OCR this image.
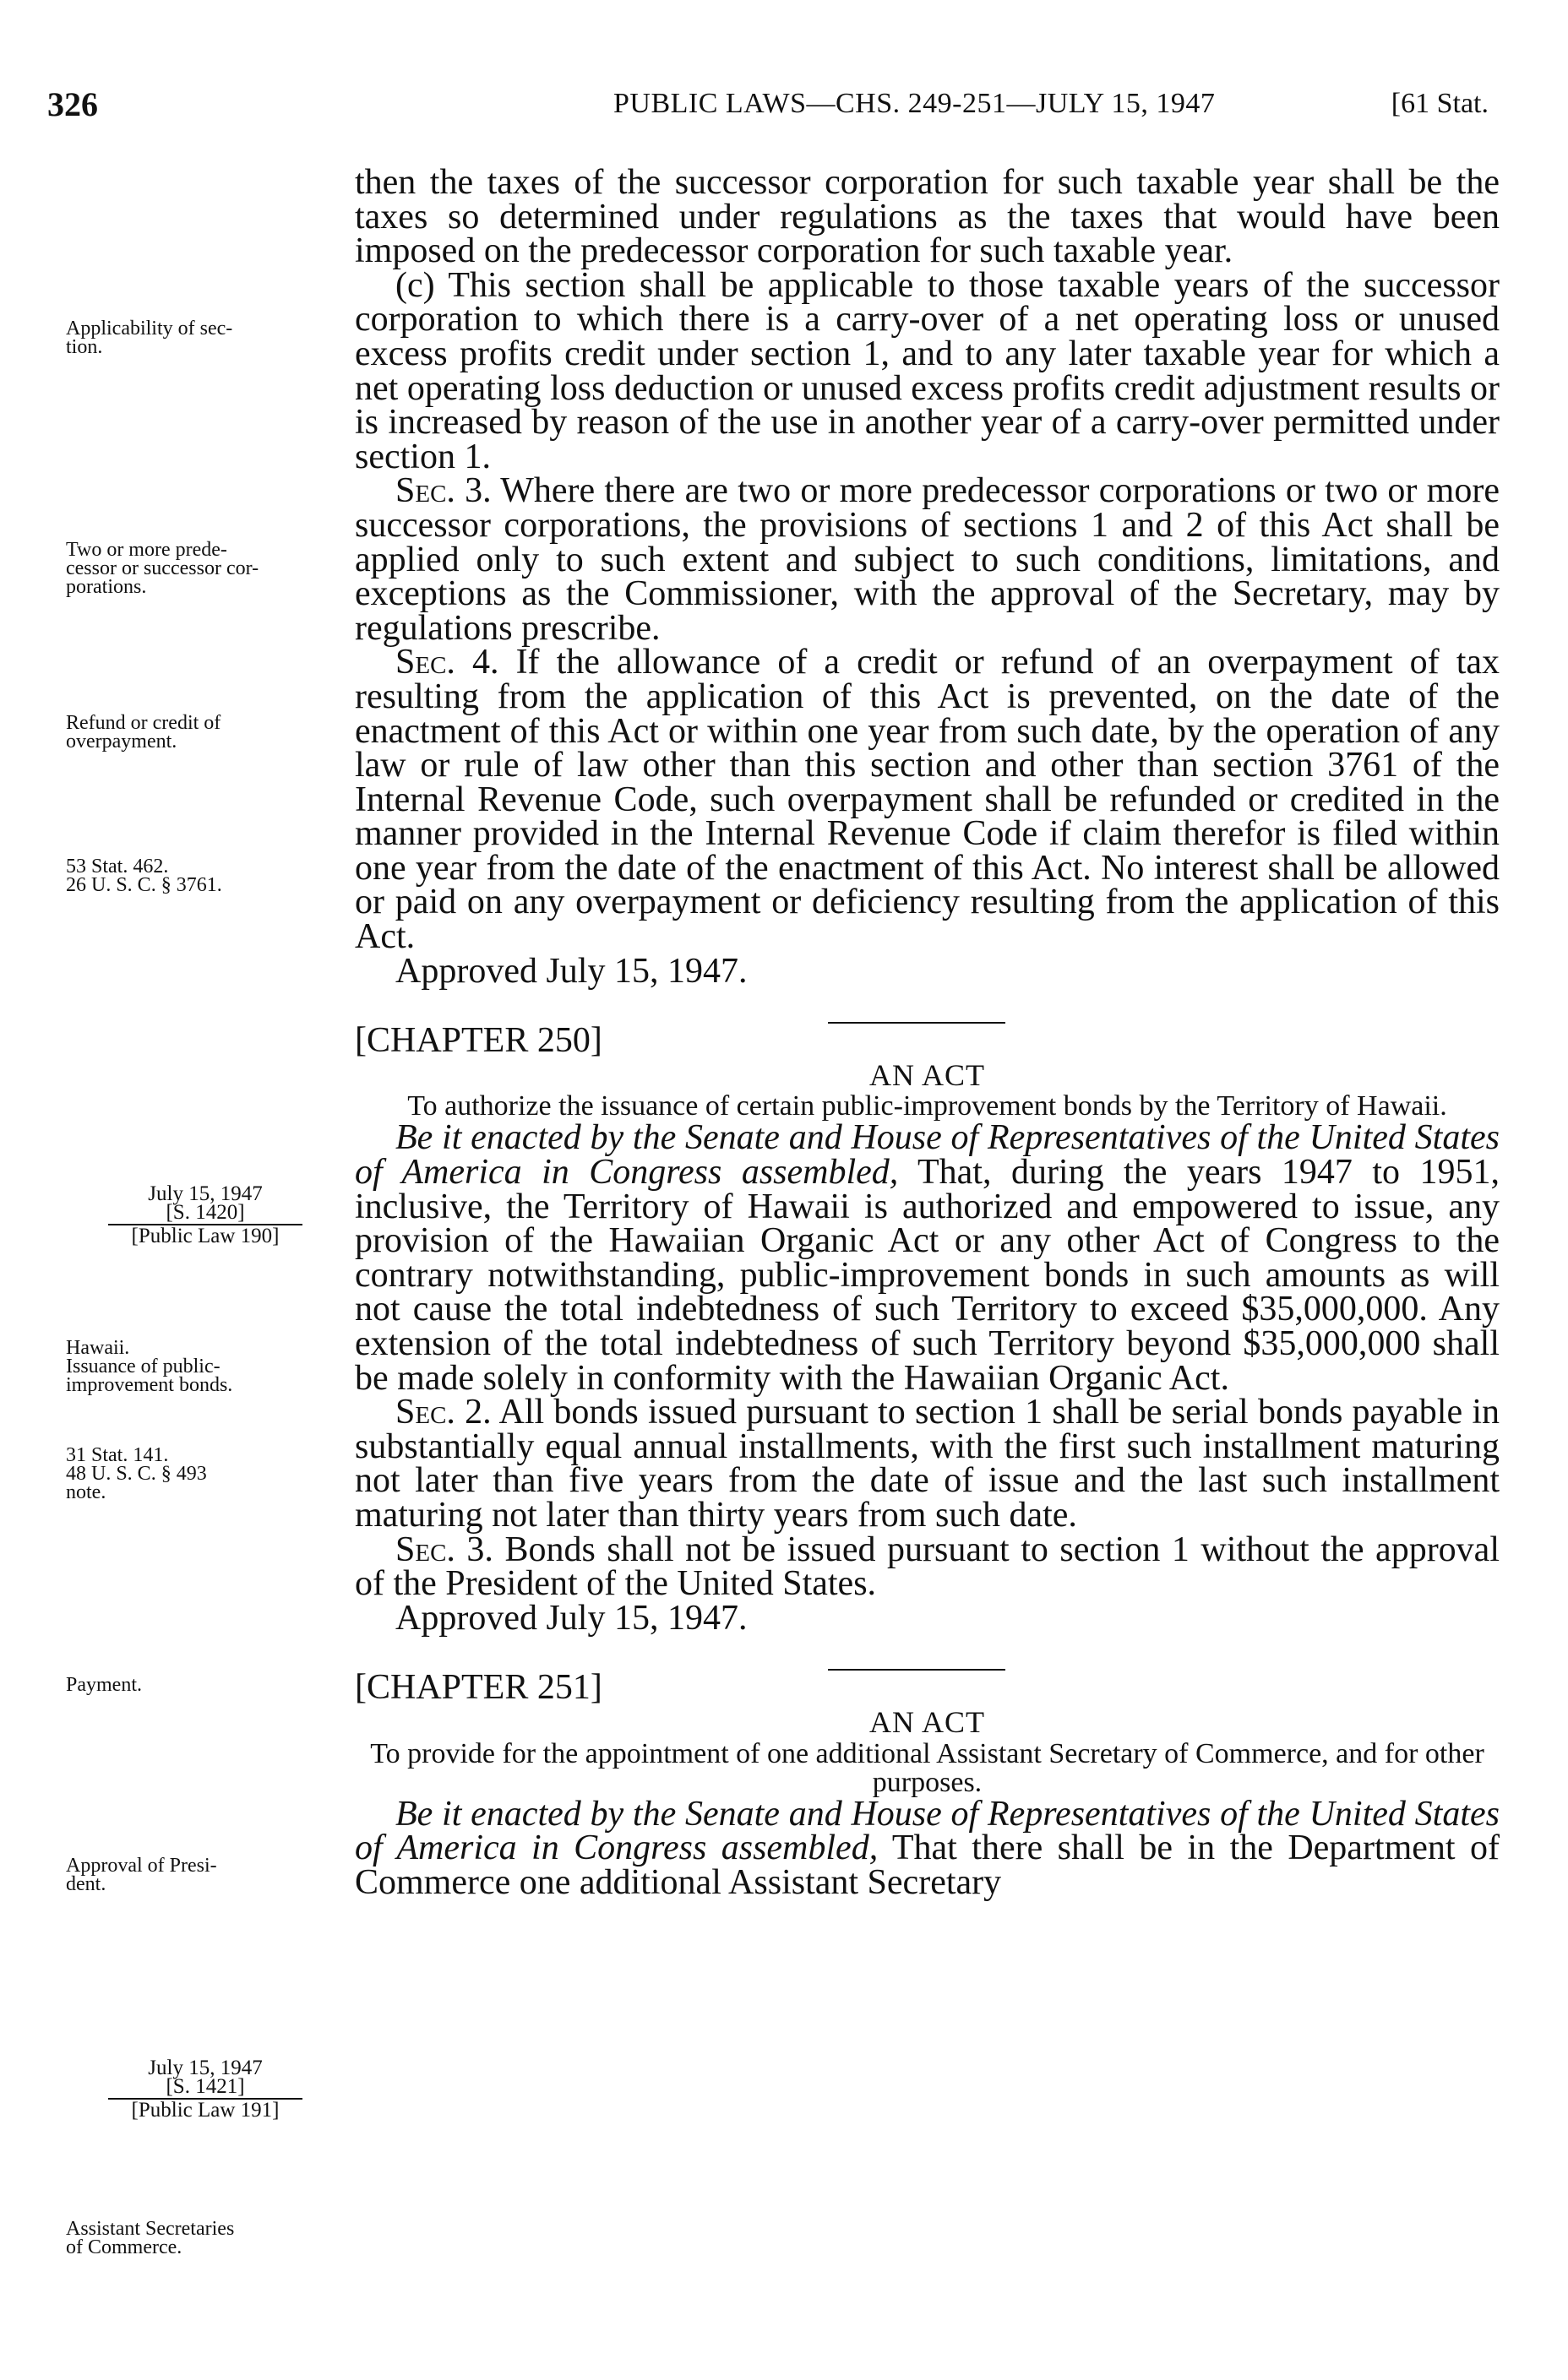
326	PUBLIC LAWS—CHS. 249-251—JULY 15, 1947	[61 Stat.

then the taxes of the successor corporation for such taxable year shall be the taxes so determined under regulations as the taxes that would have been imposed on the predecessor corporation for such taxable year.

(c) This section shall be applicable to those taxable years of the successor corporation to which there is a carry-over of a net operating loss or unused excess profits credit under section 1, and to any later taxable year for which a net operating loss deduction or unused excess profits credit adjustment results or is increased by reason of the use in another year of a carry-over permitted under section 1.

Sec. 3. Where there are two or more predecessor corporations or two or more successor corporations, the provisions of sections 1 and 2 of this Act shall be applied only to such extent and subject to such conditions, limitations, and exceptions as the Commissioner, with the approval of the Secretary, may by regulations prescribe.

Sec. 4. If the allowance of a credit or refund of an overpayment of tax resulting from the application of this Act is prevented, on the date of the enactment of this Act or within one year from such date, by the operation of any law or rule of law other than this section and other than section 3761 of the Internal Revenue Code, such overpayment shall be refunded or credited in the manner provided in the Internal Revenue Code if claim therefor is filed within one year from the date of the enactment of this Act. No interest shall be allowed or paid on any overpayment or deficiency resulting from the application of this Act.

Approved July 15, 1947.

[CHAPTER 250]

AN ACT

To authorize the issuance of certain public-improvement bonds by the Territory of Hawaii.

Be it enacted by the Senate and House of Representatives of the United States of America in Congress assembled, That, during the years 1947 to 1951, inclusive, the Territory of Hawaii is authorized and empowered to issue, any provision of the Hawaiian Organic Act or any other Act of Congress to the contrary notwithstanding, public-improvement bonds in such amounts as will not cause the total indebtedness of such Territory to exceed $35,000,000. Any extension of the total indebtedness of such Territory beyond $35,000,000 shall be made solely in conformity with the Hawaiian Organic Act.

Sec. 2. All bonds issued pursuant to section 1 shall be serial bonds payable in substantially equal annual installments, with the first such installment maturing not later than five years from the date of issue and the last such installment maturing not later than thirty years from such date.

Sec. 3. Bonds shall not be issued pursuant to section 1 without the approval of the President of the United States.

Approved July 15, 1947.

[CHAPTER 251]

AN ACT

To provide for the appointment of one additional Assistant Secretary of Commerce, and for other purposes.

Be it enacted by the Senate and House of Representatives of the United States of America in Congress assembled, That there shall be in the Department of Commerce one additional Assistant Secretary

Applicability of sec-
tion.
Two or more prede-
cessor or successor cor-
porations.
Refund or credit of
overpayment.
53 Stat. 462.
26 U. S. C. § 3761.
July 15, 1947
[S. 1420]
[Public Law 190]
Hawaii.
Issuance of public-
improvement bonds.
31 Stat. 141.
48 U. S. C. § 493
note.
Payment.
Approval of Presi-
dent.
July 15, 1947
[S. 1421]
[Public Law 191]
Assistant Secretaries
of Commerce.
